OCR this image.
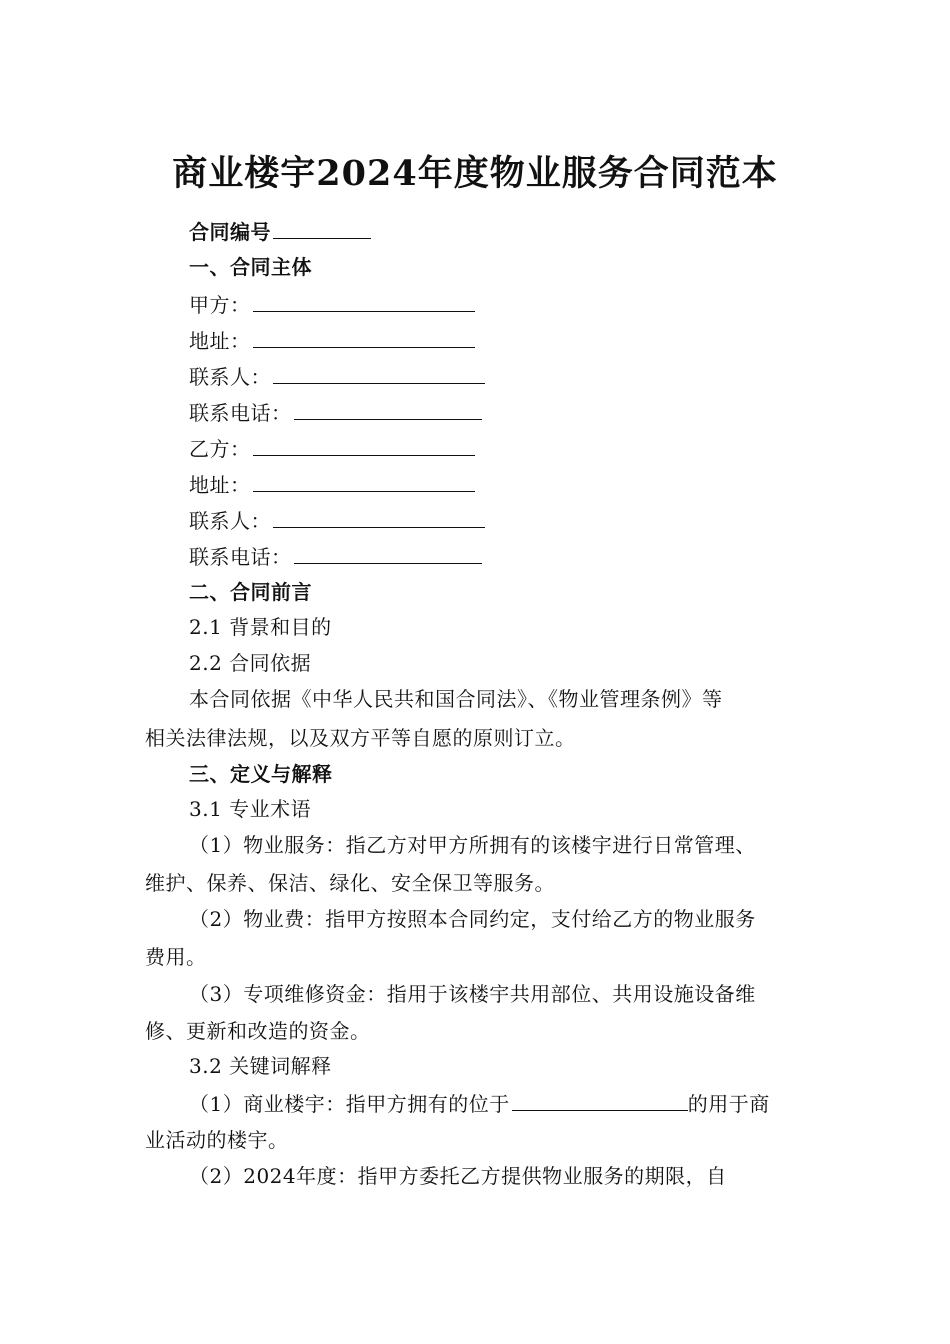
商业楼宇2024年度物业服务合同范本
合同编号
一、合同主体
甲方：
地址：
联系人：
联系电话：
乙方：
地址：
联系人：
联系电话：
二、合同前言
2.1 背景和目的
2.2 合同依据
本合同依据《中华人民共和国合同法》、《物业管理条例》等
相关法律法规，以及双方平等自愿的原则订立。
三、定义与解释
3.1 专业术语
（1）物业服务：指乙方对甲方所拥有的该楼宇进行日常管理、
维护、保养、保洁、绿化、安全保卫等服务。
（2）物业费：指甲方按照本合同约定，支付给乙方的物业服务
费用。
（3）专项维修资金：指用于该楼宇共用部位、共用设施设备维
修、更新和改造的资金。
3.2 关键词解释
（1）商业楼宇：指甲方拥有的位于	的用于商
业活动的楼宇。
（2）2024年度：指甲方委托乙方提供物业服务的期限，自
